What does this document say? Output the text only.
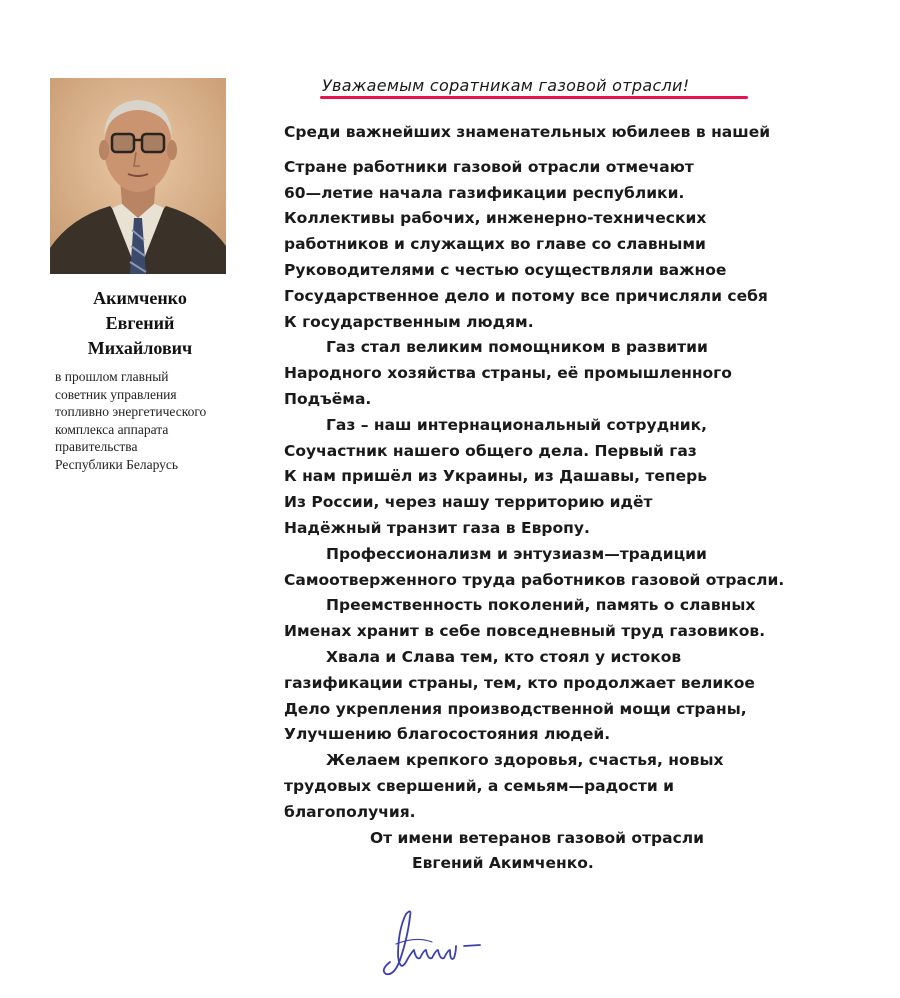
Акимченко
Евгений
Михайлович
в прошлом главный
советник управления
топливно энергетического
комплекса аппарата
правительства
Республики Беларусь
Уважаемым соратникам газовой отрасли!
Среди важнейших знаменательных юбилеев в нашей
Стране работники газовой отрасли отмечают
60—летие начала газификации республики.
Коллективы рабочих, инженерно-технических
работников и служащих во главе со славными
Руководителями с честью осуществляли важное
Государственное дело и потому все причисляли себя
К государственным людям.
Газ стал великим помощником в развитии
Народного хозяйства страны, её промышленного
Подъёма.
Газ – наш интернациональный сотрудник,
Соучастник нашего общего дела. Первый газ
К нам пришёл из Украины, из Дашавы, теперь
Из России, через нашу территорию идёт
Надёжный транзит газа в Европу.
Профессионализм и энтузиазм—традиции
Самоотверженного труда работников газовой отрасли.
Преемственность поколений, память о славных
Именах хранит в себе повседневный труд газовиков.
Хвала и Слава тем, кто стоял у истоков
газификации страны, тем, кто продолжает великое
Дело укрепления производственной мощи страны,
Улучшению благосостояния людей.
Желаем крепкого здоровья, счастья, новых
трудовых свершений, а семьям—радости и
благополучия.
От имени ветеранов газовой отрасли
Евгений Акимченко.
